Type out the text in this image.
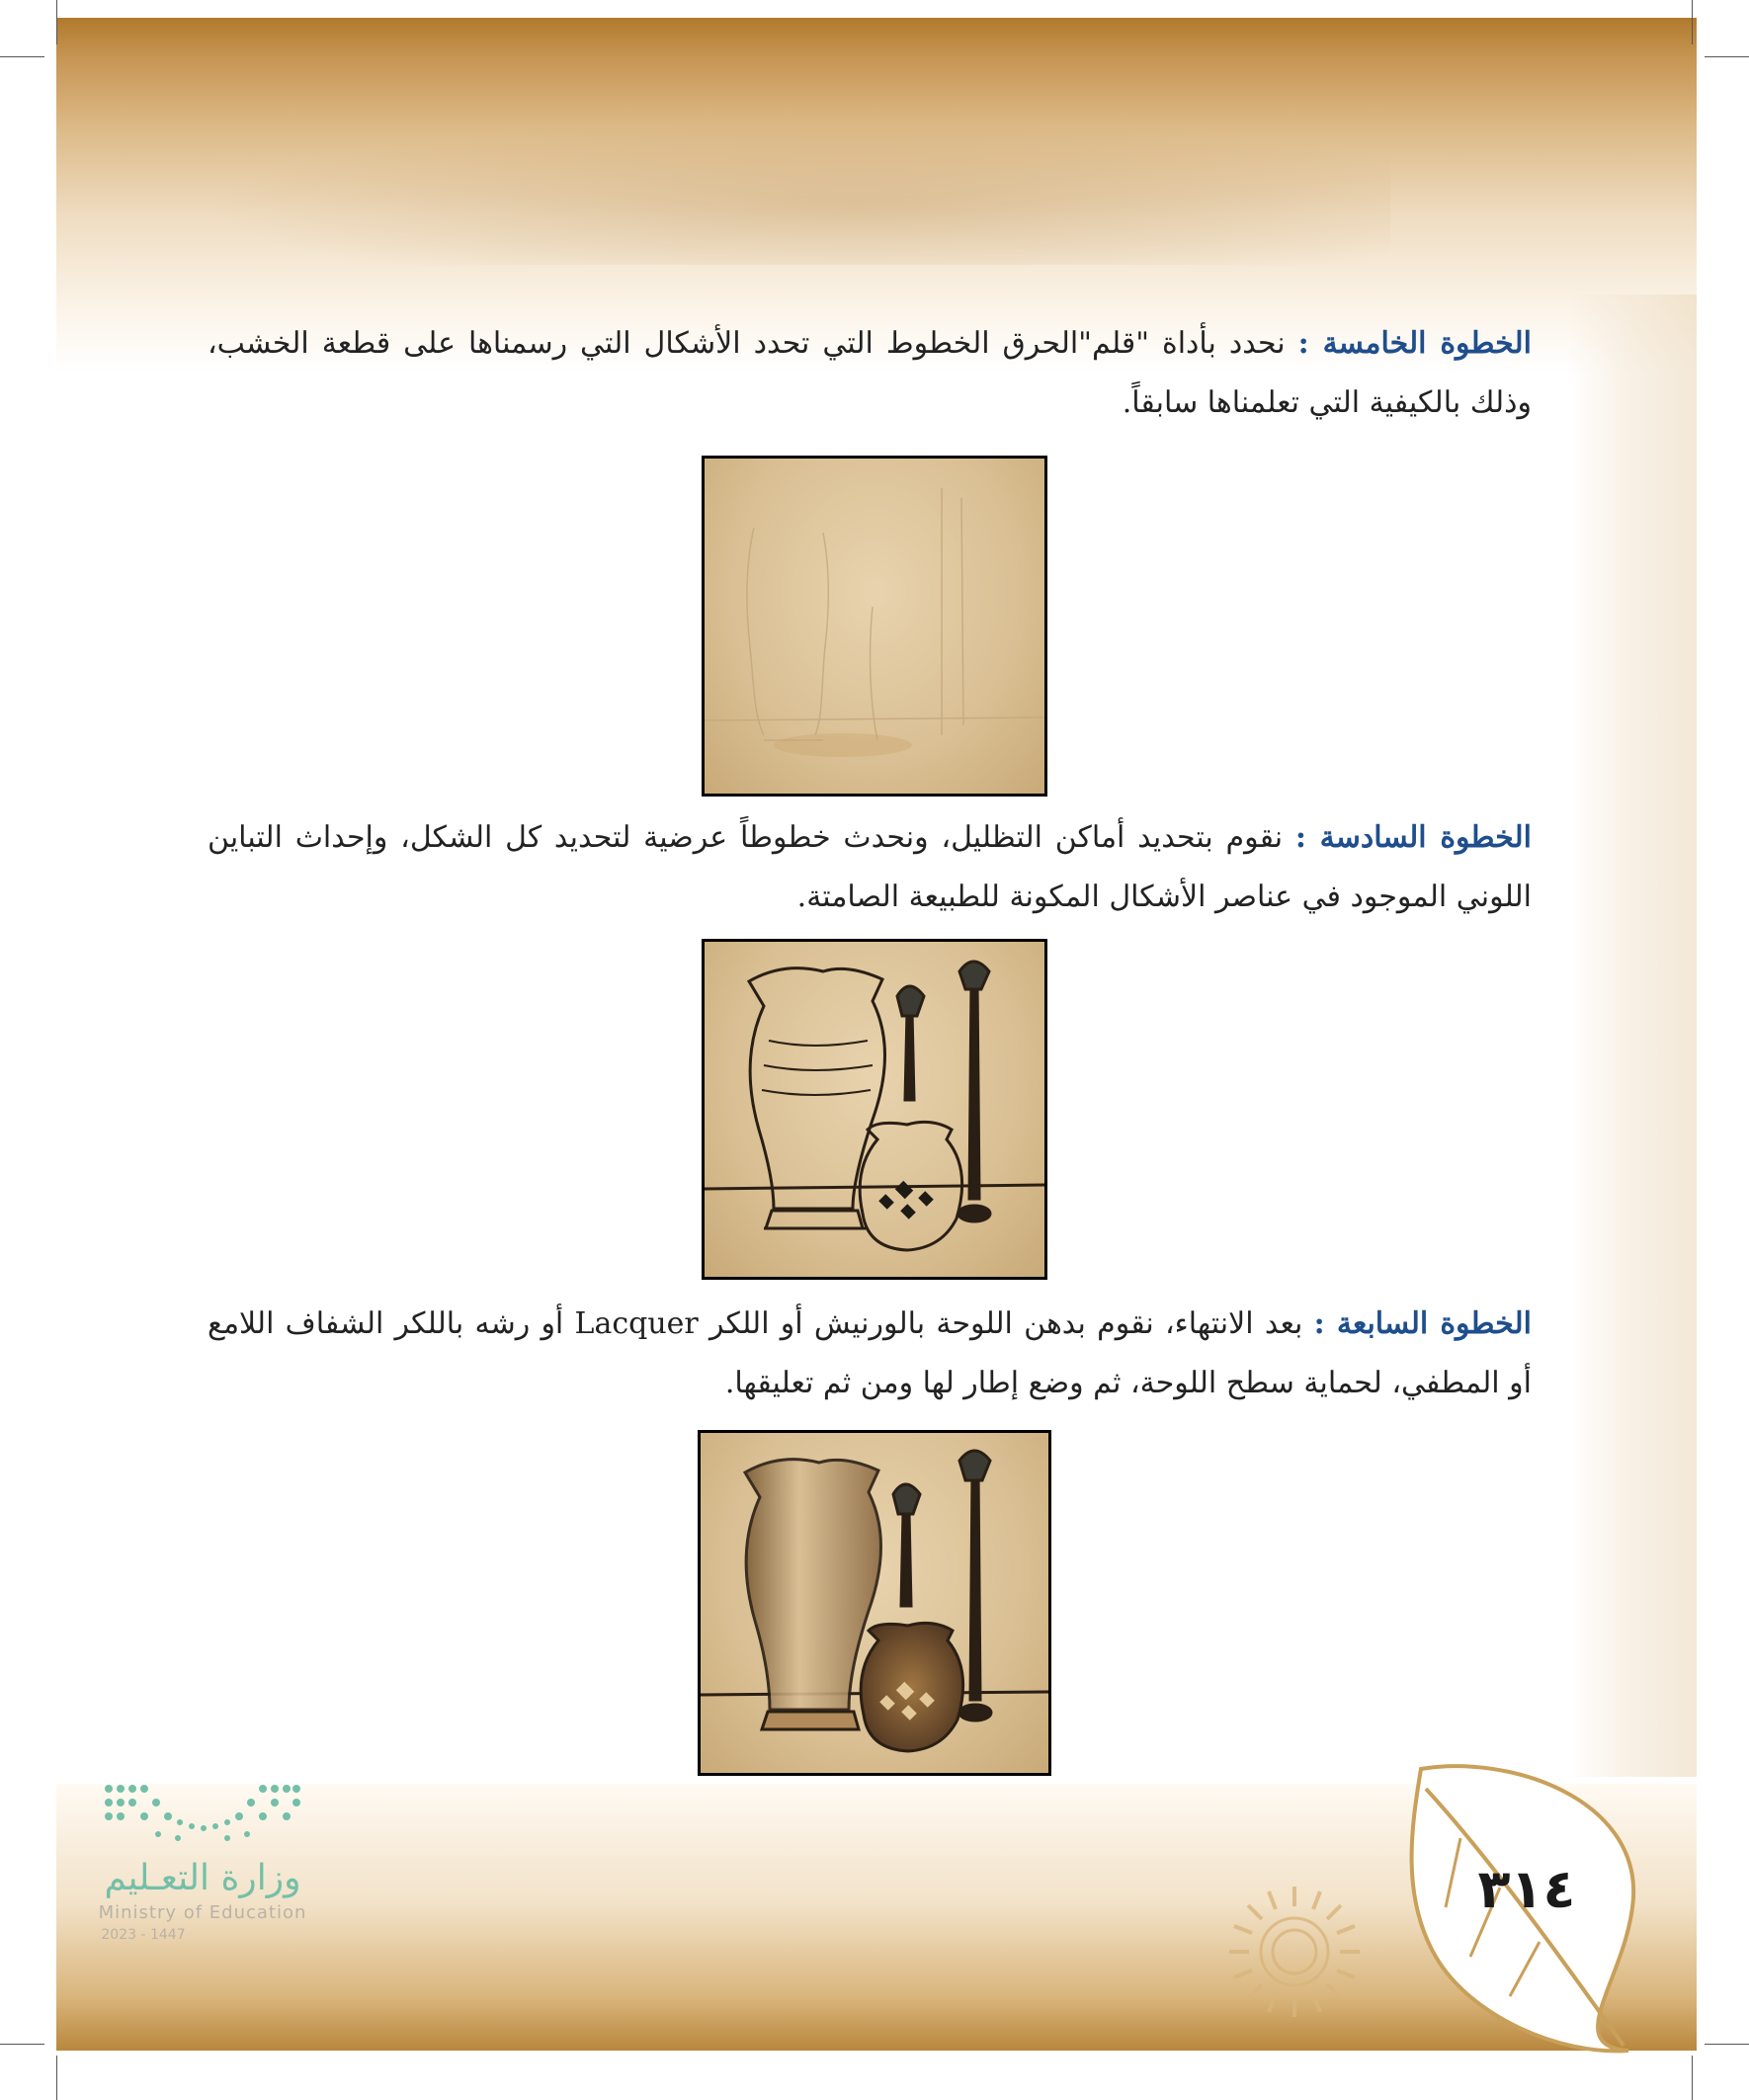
الخطوة الخامسة : نحدد بأداة "قلم"الحرق الخطوط التي تحدد الأشكال التي رسمناها على قطعة الخشب، وذلك بالكيفية التي تعلمناها سابقاً.

الخطوة السادسة : نقوم بتحديد أماكن التظليل، ونحدث خطوطاً عرضية لتحديد كل الشكل، وإحداث التباين اللوني الموجود في عناصر الأشكال المكونة للطبيعة الصامتة.

الخطوة السابعة : بعد الانتهاء، نقوم بدهن اللوحة بالورنيش أو اللكر Lacquer أو رشه باللكر الشفاف اللامع أو المطفي، لحماية سطح اللوحة، ثم وضع إطار لها ومن ثم تعليقها.

وزارة التعـليم
Ministry of Education
2023 - 1447
٣١٤
